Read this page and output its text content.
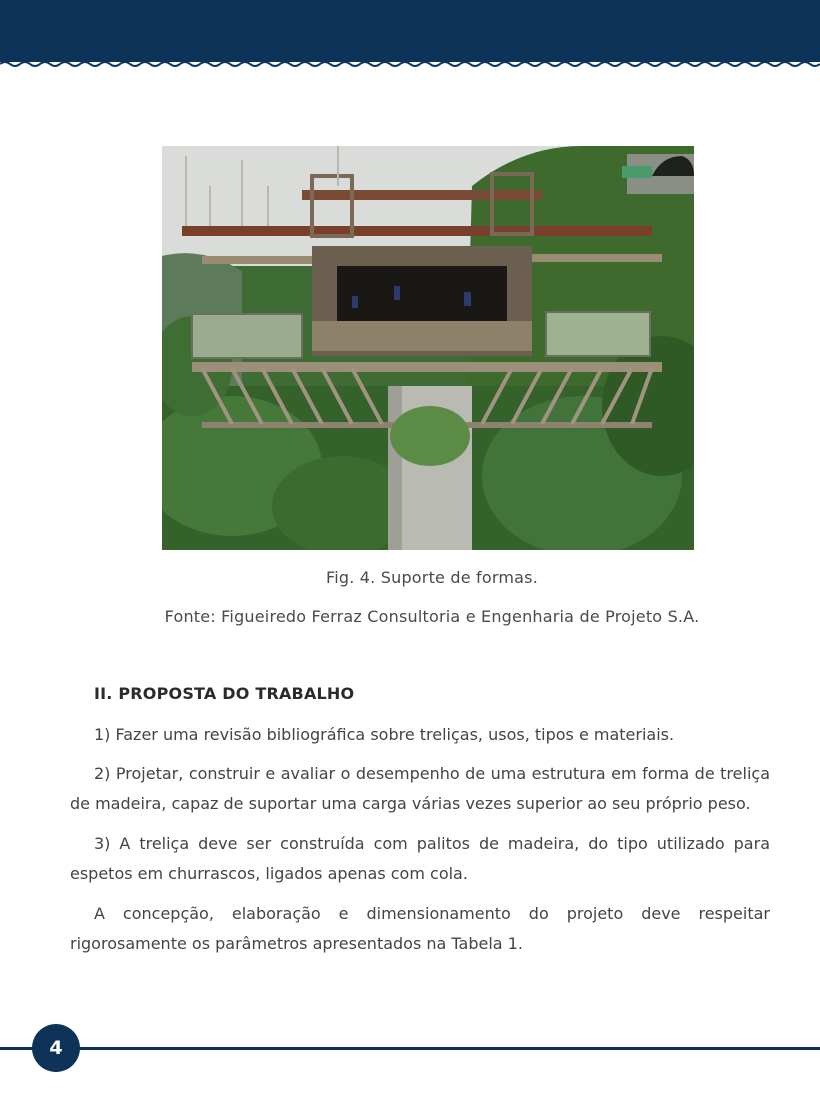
Fig. 4. Suporte de formas.
Fonte: Figueiredo Ferraz Consultoria e Engenharia de Projeto S.A.
II. PROPOSTA DO TRABALHO

1) Fazer uma revisão bibliográfica sobre treliças, usos, tipos e materiais.

2) Projetar, construir e avaliar o desempenho de uma estrutura em forma de treliça de madeira, capaz de suportar uma carga várias vezes superior ao seu próprio peso.

3) A treliça deve ser construída com palitos de madeira, do tipo utilizado para espetos em churrascos, ligados apenas com cola.

A concepção, elaboração e dimensionamento do projeto deve respeitar rigorosamente os parâmetros apresentados na Tabela 1.

4
